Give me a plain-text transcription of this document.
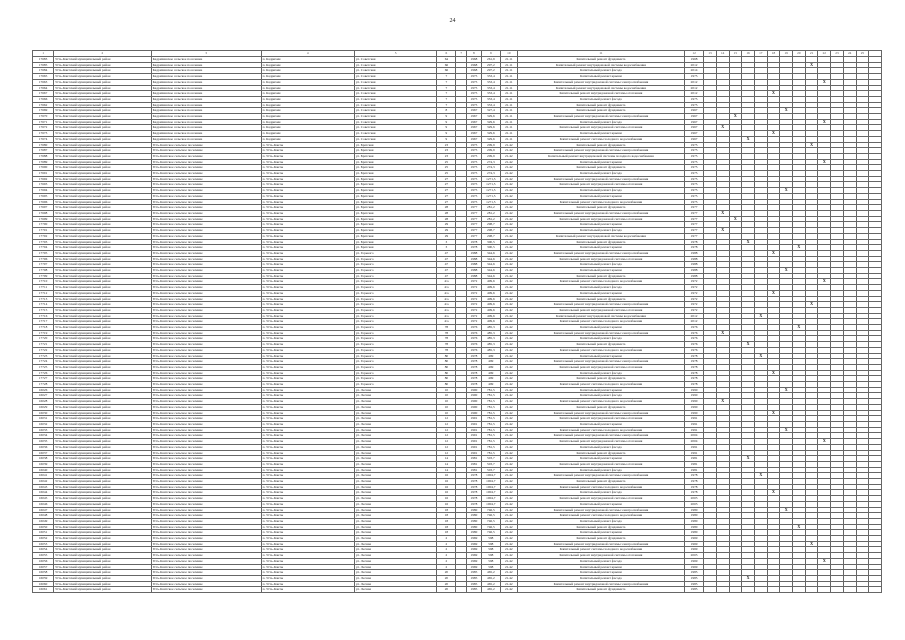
24
1	2	3	4	5	6	7	8	9	10	11	12	13	14	15	16	17	18	19	20	21	22	23	24	25	
17683	Усть-Кантский муниципальный район	Кадрихинское сельское поселение	п. Кадрихин	ул. Советская	64		1968	261,9	21.11	Капитальный ремонт фундамента	1968														
17685	Усть-Кантский муниципальный район	Кадрихинское сельское поселение	п. Кадрихин	ул. Советская	66		1968	297,2	21.11	Капитальный ремонт внутридомовой системы водоснабжения	2012									X					
17684	Усть-Кантский муниципальный район	Кадрихинское сельское поселение	п. Кадрихин	ул. Советская	66		1968	297,2	21.11	Капитальный ремонт фасада	2014														
17665	Усть-Кантский муниципальный район	Кадрихинское сельское поселение	п. Кадрихин	ул. Советская	7		1975	333,4	21.11	Капитальный ремонт крыши	1975														
17663	Усть-Кантский муниципальный район	Кадрихинское сельское поселение	п. Кадрихин	ул. Советская	7		1975	333,4	21.11	Капитальный ремонт внутридомовой системы электроснабжения	2012										X				
17664	Усть-Кантский муниципальный район	Кадрихинское сельское поселение	п. Кадрихин	ул. Советская	7		1975	333,4	21.11	Капитальный ремонт внутридомовой системы водоснабжения	2012														
17667	Усть-Кантский муниципальный район	Кадрихинское сельское поселение	п. Кадрихин	ул. Советская	7		1975	333,4	21.11	Капитальный ремонт внутридомовой системы отопления	2012						X								
17666	Усть-Кантский муниципальный район	Кадрихинское сельское поселение	п. Кадрихин	ул. Советская	7		1975	333,4	21.11	Капитальный ремонт фасада	1975														
17662	Усть-Кантский муниципальный район	Кадрихинское сельское поселение	п. Кадрихин	ул. Советская	7		1975	333,4	21.11	Капитальный ремонт фундамента	1975														
17669	Усть-Кантский муниципальный район	Кадрихинское сельское поселение	п. Кадрихин	ул. Советская	8		1967	327,4	21.11	Капитальный ремонт фундамента	1967							X							
17670	Усть-Кантский муниципальный район	Кадрихинское сельское поселение	п. Кадрихин	ул. Советская	9		1967	329,6	21.11	Капитальный ремонт внутридомовой системы электроснабжения	1967			X											
17671	Усть-Кантский муниципальный район	Кадрихинское сельское поселение	п. Кадрихин	ул. Советская	9		1967	329,6	21.11	Капитальный ремонт фасада	1967										X				
17672	Усть-Кантский муниципальный район	Кадрихинское сельское поселение	п. Кадрихин	ул. Советская	9		1967	329,6	21.11	Капитальный ремонт внутридомовой системы отопления	1967		X												
17673	Усть-Кантский муниципальный район	Кадрихинское сельское поселение	п. Кадрихин	ул. Советская	9		1967	329,6	21.11	Капитальный ремонт крыши	1967						X								
17674	Усть-Кантский муниципальный район	Кадрихинское сельское поселение	п. Кадрихин	ул. Советская	9		1967	329,6	21.11	Капитальный ремонт системы холодного водоснабжения	1967				X										
17680	Усть-Кантский муниципальный район	Усть-Кантское сельское поселение	п. Усть-Канты	ул. Братская	23		1975	209,9	21.42	Капитальный ремонт фундамента	1975									X					
17687	Усть-Кантский муниципальный район	Усть-Кантское сельское поселение	п. Усть-Канты	ул. Братская	23		1975	209,9	21.42	Капитальный ремонт внутридомовой системы электроснабжения	1975														
17688	Усть-Кантский муниципальный район	Усть-Кантское сельское поселение	п. Усть-Канты	ул. Братская	23		1975	209,9	21.42	Капитальный ремонт внутридомовой системы холодного водоснабжения	1975														
17689	Усть-Кантский муниципальный район	Усть-Кантское сельское поселение	п. Усть-Канты	ул. Братская	25		1975	274,3	21.42	Капитальный ремонт крыши	1975										X				
17690	Усть-Кантский муниципальный район	Усть-Кантское сельское поселение	п. Усть-Канты	ул. Братская	25		1975	274,3	21.42	Капитальный ремонт фундамента	1975														
17691	Усть-Кантский муниципальный район	Усть-Кантское сельское поселение	п. Усть-Канты	ул. Братская	25		1975	274,3	21.42	Капитальный ремонт фасада	1975														
17692	Усть-Кантский муниципальный район	Усть-Кантское сельское поселение	п. Усть-Канты	ул. Братская	27		1975	1271,5	21.42	Капитальный ремонт внутридомовой системы электроснабжения	1975														
17693	Усть-Кантский муниципальный район	Усть-Кантское сельское поселение	п. Усть-Канты	ул. Братская	27		1975	1271,5	21.42	Капитальный ремонт внутридомовой системы отопления	1975														
17694	Усть-Кантский муниципальный район	Усть-Кантское сельское поселение	п. Усть-Канты	ул. Братская	27		1975	1271,5	21.42	Капитальный ремонт фасада	1975							X							
17695	Усть-Кантский муниципальный район	Усть-Кантское сельское поселение	п. Усть-Канты	ул. Братская	27		1975	1271,5	21.42	Капитальный ремонт крыши	1975														
17696	Усть-Кантский муниципальный район	Усть-Кантское сельское поселение	п. Усть-Канты	ул. Братская	27		1975	1271,5	21.42	Капитальный ремонт системы холодного водоснабжения	1975														
17697	Усть-Кантский муниципальный район	Усть-Кантское сельское поселение	п. Усть-Канты	ул. Братская	28		1977	281,2	21.42	Капитальный ремонт фундамента	1977														
17698	Усть-Кантский муниципальный район	Усть-Кантское сельское поселение	п. Усть-Канты	ул. Братская	28		1977	281,2	21.42	Капитальный ремонт внутридомовой системы электроснабжения	1977		X												
17699	Усть-Кантский муниципальный район	Усть-Кантское сельское поселение	п. Усть-Канты	ул. Братская	28		1977	281,2	21.42	Капитальный ремонт внутридомовой системы отопления	1977			X											
17700	Усть-Кантский муниципальный район	Усть-Кантское сельское поселение	п. Усть-Канты	ул. Братская	29		1977	298,7	21.42	Капитальный ремонт крыши	1977														
17701	Усть-Кантский муниципальный район	Усть-Кантское сельское поселение	п. Усть-Канты	ул. Братская	29		1977	298,7	21.42	Капитальный ремонт фасада	1977		X												
17702	Усть-Кантский муниципальный район	Усть-Кантское сельское поселение	п. Усть-Канты	ул. Братская	29		1977	298,7	21.42	Капитальный ремонт внутридомовой системы водоснабжения	1977														
17703	Усть-Кантский муниципальный район	Усть-Кантское сельское поселение	п. Усть-Канты	ул. Братская	3		1978	300,5	21.42	Капитальный ремонт фундамента	1978				X										
17704	Усть-Кантский муниципальный район	Усть-Кантское сельское поселение	п. Усть-Канты	ул. Братская	3		1978	300,5	21.42	Капитальный ремонт крыши	1978								X						
17705	Усть-Кантский муниципальный район	Усть-Кантское сельское поселение	п. Усть-Канты	ул. Горького	47		1988	344,6	21.42	Капитальный ремонт внутридомовой системы электроснабжения	1988						X								
17706	Усть-Кантский муниципальный район	Усть-Кантское сельское поселение	п. Усть-Канты	ул. Горького	47		1988	344,6	21.42	Капитальный ремонт внутридомовой системы отопления	1988														
17707	Усть-Кантский муниципальный район	Усть-Кантское сельское поселение	п. Усть-Канты	ул. Горького	47		1988	344,6	21.42	Капитальный ремонт фасада	1988														
17708	Усть-Кантский муниципальный район	Усть-Кантское сельское поселение	п. Усть-Канты	ул. Горького	47		1988	344,6	21.42	Капитальный ремонт крыши	1988							X							
17709	Усть-Кантский муниципальный район	Усть-Кантское сельское поселение	п. Усть-Канты	ул. Горького	47		1988	344,6	21.42	Капитальный ремонт фундамента	1988														
17710	Усть-Кантский муниципальный район	Усть-Кантское сельское поселение	п. Усть-Канты	ул. Горького	4/а		1972	409,6	21.42	Капитальный ремонт системы холодного водоснабжения	1972										X				
17711	Усть-Кантский муниципальный район	Усть-Кантское сельское поселение	п. Усть-Канты	ул. Горького	4/а		1972	409,6	21.42	Капитальный ремонт фасада	1972														
17712	Усть-Кантский муниципальный район	Усть-Кантское сельское поселение	п. Усть-Канты	ул. Горького	4/а		1972	409,6	21.42	Капитальный ремонт крыши	1972						X								
17713	Усть-Кантский муниципальный район	Усть-Кантское сельское поселение	п. Усть-Канты	ул. Горького	4/а		1972	409,6	21.42	Капитальный ремонт фундамента	1972														
17714	Усть-Кантский муниципальный район	Усть-Кантское сельское поселение	п. Усть-Канты	ул. Горького	4/а		1972	409,6	21.42	Капитальный ремонт внутридомовой системы электроснабжения	1972									X					
17715	Усть-Кантский муниципальный район	Усть-Кантское сельское поселение	п. Усть-Канты	ул. Горького	4/а		1972	409,6	21.42	Капитальный ремонт внутридомовой системы отопления	1972														
17716	Усть-Кантский муниципальный район	Усть-Кантское сельское поселение	п. Усть-Канты	ул. Горького	4/а		1972	409,6	21.42	Капитальный ремонт внутридомовой системы водоснабжения	2012					X									
17717	Усть-Кантский муниципальный район	Усть-Кантское сельское поселение	п. Усть-Канты	ул. Горького	4/а		1972	409,6	21.42	Капитальный ремонт системы холодного водоснабжения	2012														
17718	Усть-Кантский муниципальный район	Усть-Кантское сельское поселение	п. Усть-Канты	ул. Горького	78		1976	485,3	21.42	Капитальный ремонт крыши	1976								X						
17719	Усть-Кантский муниципальный район	Усть-Кантское сельское поселение	п. Усть-Канты	ул. Горького	78		1976	485,3	21.42	Капитальный ремонт внутридомовой системы электроснабжения	1976		X												
17720	Усть-Кантский муниципальный район	Усть-Кантское сельское поселение	п. Усть-Канты	ул. Горького	78		1976	485,3	21.42	Капитальный ремонт фасада	1976														
17721	Усть-Кантский муниципальный район	Усть-Кантское сельское поселение	п. Усть-Канты	ул. Горького	78		1976	485,3	21.42	Капитальный ремонт фундамента	1976				X										
17722	Усть-Кантский муниципальный район	Усть-Кантское сельское поселение	п. Усть-Канты	ул. Горького	78		1976	485,3	21.42	Капитальный ремонт системы холодного водоснабжения	1976														
17723	Усть-Кантский муниципальный район	Усть-Кантское сельское поселение	п. Усть-Канты	ул. Горького	80		1978	499	21.42	Капитальный ремонт крыши	1978					X									
17724	Усть-Кантский муниципальный район	Усть-Кантское сельское поселение	п. Усть-Канты	ул. Горького	80		1978	499	21.42	Капитальный ремонт внутридомовой системы электроснабжения	1978														
17725	Усть-Кантский муниципальный район	Усть-Кантское сельское поселение	п. Усть-Канты	ул. Горького	80		1978	499	21.42	Капитальный ремонт внутридомовой системы отопления	1978														
17726	Усть-Кантский муниципальный район	Усть-Кантское сельское поселение	п. Усть-Канты	ул. Горького	80		1978	499	21.42	Капитальный ремонт фасада	1978						X								
17727	Усть-Кантский муниципальный район	Усть-Кантское сельское поселение	п. Усть-Канты	ул. Горького	80		1978	499	21.42	Капитальный ремонт фундамента	1978														
17728	Усть-Кантский муниципальный район	Усть-Кантское сельское поселение	п. Усть-Канты	ул. Горького	80		1978	499	21.42	Капитальный ремонт системы холодного водоснабжения	1978														
16026	Усть-Кантский муниципальный район	Усть-Кантское сельское поселение	п. Усть-Канты	ул. Лесная	10		1990	781,5	21.42	Капитальный ремонт крыши	1990							X							
16027	Усть-Кантский муниципальный район	Усть-Кантское сельское поселение	п. Усть-Канты	ул. Лесная	10		1990	781,5	21.42	Капитальный ремонт фасада	1990														
16028	Усть-Кантский муниципальный район	Усть-Кантское сельское поселение	п. Усть-Канты	ул. Лесная	10		1990	781,5	21.42	Капитальный ремонт системы холодного водоснабжения	1990		X												
16029	Усть-Кантский муниципальный район	Усть-Кантское сельское поселение	п. Усть-Канты	ул. Лесная	10		1990	781,5	21.42	Капитальный ремонт фундамента	1990														
16030	Усть-Кантский муниципальный район	Усть-Кантское сельское поселение	п. Усть-Канты	ул. Лесная	10		1990	781,5	21.42	Капитальный ремонт внутридомовой системы электроснабжения	1990						X								
16031	Усть-Кантский муниципальный район	Усть-Кантское сельское поселение	п. Усть-Канты	ул. Лесная	12		1991	781,5	21.42	Капитальный ремонт внутридомовой системы отопления	1991														
16032	Усть-Кантский муниципальный район	Усть-Кантское сельское поселение	п. Усть-Канты	ул. Лесная	12		1991	781,5	21.42	Капитальный ремонт крыши	1991														
16033	Усть-Кантский муниципальный район	Усть-Кантское сельское поселение	п. Усть-Канты	ул. Лесная	12		1991	781,5	21.42	Капитальный ремонт системы холодного водоснабжения	1991							X							
16034	Усть-Кантский муниципальный район	Усть-Кантское сельское поселение	п. Усть-Канты	ул. Лесная	12		1991	781,5	21.42	Капитальный ремонт внутридомовой системы электроснабжения	2004														
16035	Усть-Кантский муниципальный район	Усть-Кантское сельское поселение	п. Усть-Канты	ул. Лесная	12		1991	781,5	21.42	Капитальный ремонт внутридомовой системы отопления	2004										X				
16036	Усть-Кантский муниципальный район	Усть-Кантское сельское поселение	п. Усть-Канты	ул. Лесная	12		1991	781,5	21.42	Капитальный ремонт фасада	1991														
16037	Усть-Кантский муниципальный район	Усть-Кантское сельское поселение	п. Усть-Канты	ул. Лесная	12		1991	781,5	21.42	Капитальный ремонт фундамента	1991														
16038	Усть-Кантский муниципальный район	Усть-Кантское сельское поселение	п. Усть-Канты	ул. Лесная	14		1981	503,7	21.42	Капитальный ремонт крыши	1981				X										
16039	Усть-Кантский муниципальный район	Усть-Кантское сельское поселение	п. Усть-Канты	ул. Лесная	14		1981	503,7	21.42	Капитальный ремонт внутридомовой системы отопления	1981														
16040	Усть-Кантский муниципальный район	Усть-Кантское сельское поселение	п. Усть-Канты	ул. Лесная	14		1981	503,7	21.42	Капитальный ремонт фасада	1981														
16041	Усть-Кантский муниципальный район	Усть-Кантское сельское поселение	п. Усть-Канты	ул. Лесная	16		1978	1004,7	21.42	Капитальный ремонт внутридомовой системы электроснабжения	1978					X									
16042	Усть-Кантский муниципальный район	Усть-Кантское сельское поселение	п. Усть-Канты	ул. Лесная	16		1978	1004,7	21.42	Капитальный ремонт фундамента	1978														
16043	Усть-Кантский муниципальный район	Усть-Кантское сельское поселение	п. Усть-Канты	ул. Лесная	16		1978	1004,7	21.42	Капитальный ремонт системы холодного водоснабжения	1978														
16044	Усть-Кантский муниципальный район	Усть-Кантское сельское поселение	п. Усть-Канты	ул. Лесная	16		1978	1004,7	21.42	Капитальный ремонт фасада	1978						X								
16045	Усть-Кантский муниципальный район	Усть-Кантское сельское поселение	п. Усть-Канты	ул. Лесная	16		1978	1004,7	21.42	Капитальный ремонт внутридомовой системы отопления	2003														
16046	Усть-Кантский муниципальный район	Усть-Кантское сельское поселение	п. Усть-Канты	ул. Лесная	16		1978	1004,7	21.42	Капитальный ремонт крыши	2003														
16047	Усть-Кантский муниципальный район	Усть-Кантское сельское поселение	п. Усть-Канты	ул. Лесная	18		1980	746,5	21.42	Капитальный ремонт внутридомовой системы электроснабжения	1980							X							
16048	Усть-Кантский муниципальный район	Усть-Кантское сельское поселение	п. Усть-Канты	ул. Лесная	18		1980	746,5	21.42	Капитальный ремонт системы холодного водоснабжения	1980														
16049	Усть-Кантский муниципальный район	Усть-Кантское сельское поселение	п. Усть-Канты	ул. Лесная	18		1980	746,5	21.42	Капитальный ремонт фасада	1980														
16050	Усть-Кантский муниципальный район	Усть-Кантское сельское поселение	п. Усть-Канты	ул. Лесная	18		1980	746,5	21.42	Капитальный ремонт фундамента	1980								X						
16051	Усть-Кантский муниципальный район	Усть-Кантское сельское поселение	п. Усть-Канты	ул. Лесная	18		1980	746,5	21.42	Капитальный ремонт крыши	1980														
16052	Усть-Кантский муниципальный район	Усть-Кантское сельское поселение	п. Усть-Канты	ул. Лесная	2		1969	598	21.42	Капитальный ремонт фундамента	1969														
16053	Усть-Кантский муниципальный район	Усть-Кантское сельское поселение	п. Усть-Канты	ул. Лесная	2		1969	598	21.42	Капитальный ремонт внутридомовой системы электроснабжения	1969									X					
16054	Усть-Кантский муниципальный район	Усть-Кантское сельское поселение	п. Усть-Канты	ул. Лесная	2		1969	598	21.42	Капитальный ремонт системы холодного водоснабжения	1969														
16055	Усть-Кантский муниципальный район	Усть-Кантское сельское поселение	п. Усть-Канты	ул. Лесная	2		1969	598	21.42	Капитальный ремонт внутридомовой системы отопления	2003														
16056	Усть-Кантский муниципальный район	Усть-Кантское сельское поселение	п. Усть-Канты	ул. Лесная	2		1969	598	21.42	Капитальный ремонт фасада	1969										X				
16057	Усть-Кантский муниципальный район	Усть-Кантское сельское поселение	п. Усть-Канты	ул. Лесная	2		1969	598	21.42	Капитальный ремонт крыши	1969														
16058	Усть-Кантский муниципальный район	Усть-Кантское сельское поселение	п. Усть-Канты	ул. Лесная	20		1985	465,2	21.42	Капитальный ремонт крыши	1985														
16059	Усть-Кантский муниципальный район	Усть-Кантское сельское поселение	п. Усть-Канты	ул. Лесная	20		1985	465,2	21.42	Капитальный ремонт фасада	1985				X										
16060	Усть-Кантский муниципальный район	Усть-Кантское сельское поселение	п. Усть-Канты	ул. Лесная	20		1985	465,2	21.42	Капитальный ремонт внутридомовой системы электроснабжения	1985														
16061	Усть-Кантский муниципальный район	Усть-Кантское сельское поселение	п. Усть-Канты	ул. Лесная	20		1985	465,2	21.42	Капитальный ремонт фундамента	1985														
